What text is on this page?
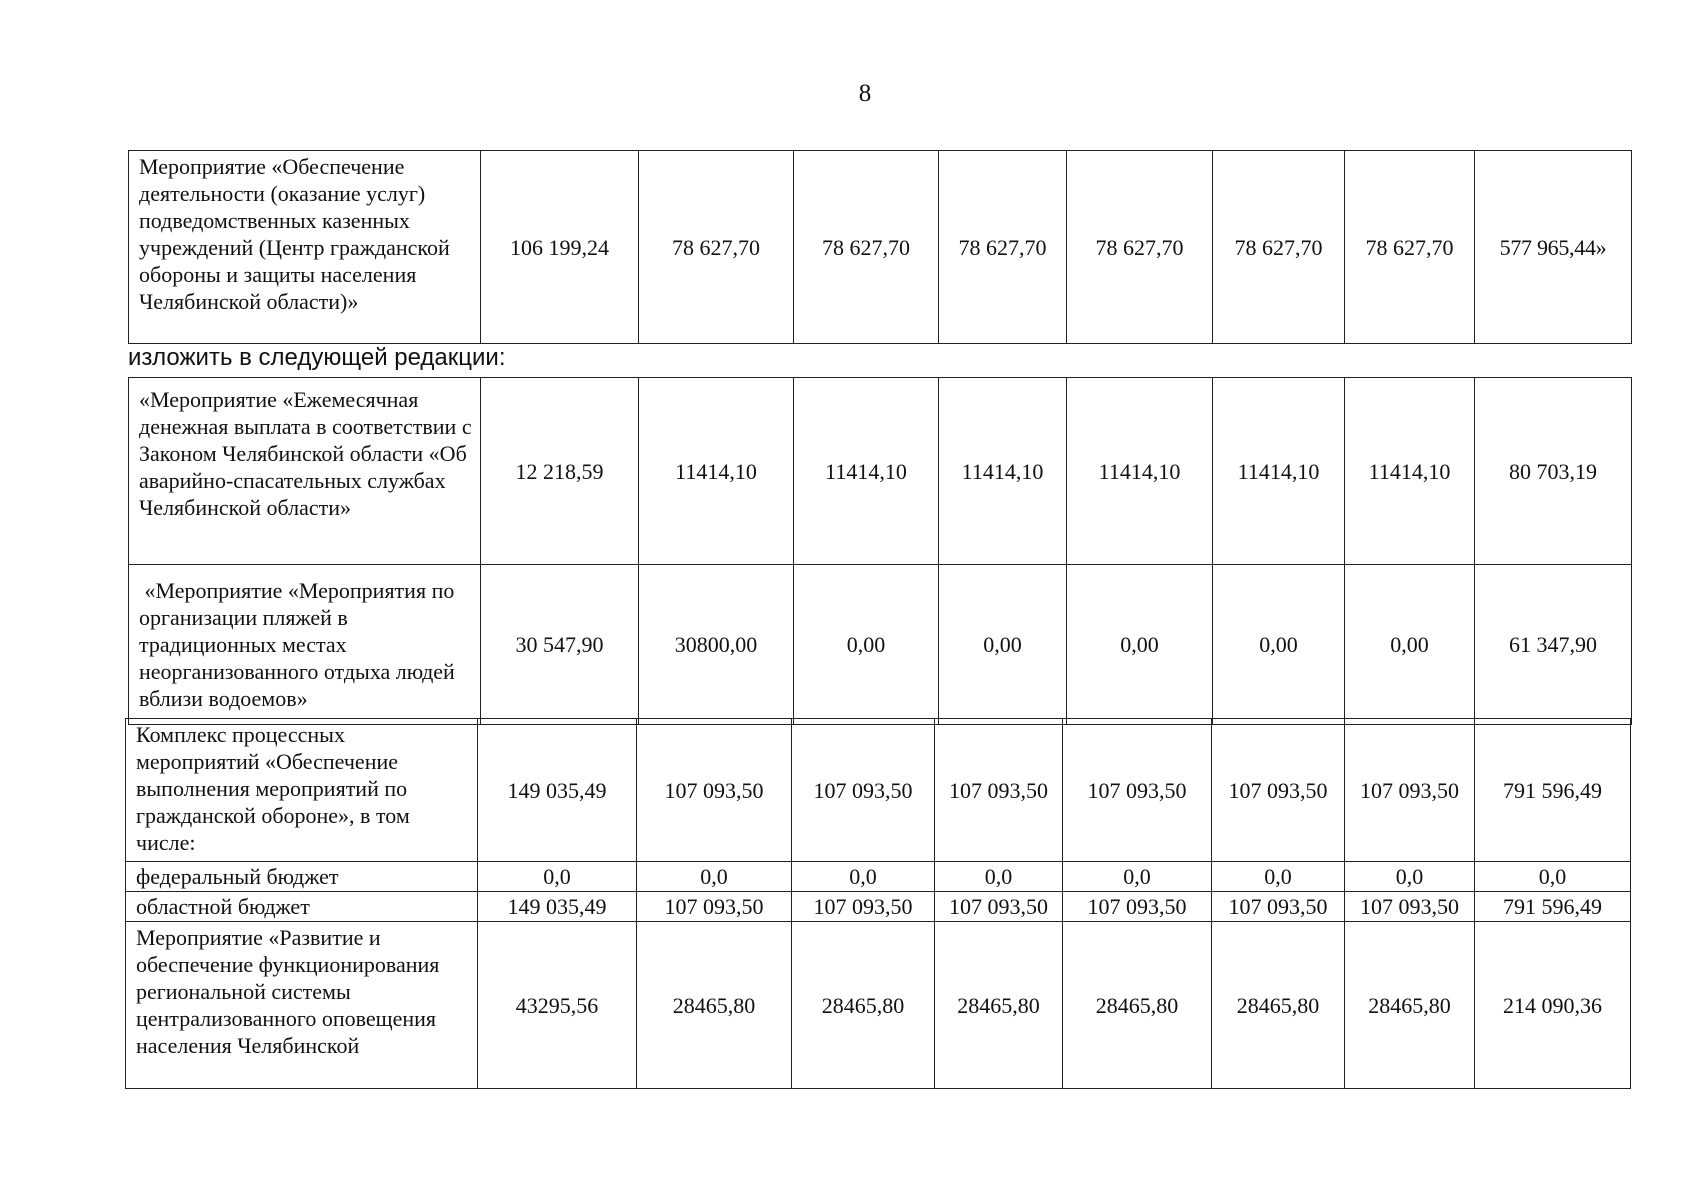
8
Мероприятие «Обеспечение деятельности (оказание услуг) подведомственных казенных учреждений (Центр гражданской обороны и защиты населения Челябинской области)»	106 199,24	78 627,70	78 627,70	78 627,70	78 627,70	78 627,70	78 627,70	577 965,44»
изложить в следующей редакции:
«Мероприятие «Ежемесячная денежная выплата в соответствии с Законом Челябинской области «Об аварийно-спасательных службах Челябинской области»	12 218,59	11414,10	11414,10	11414,10	11414,10	11414,10	11414,10	80 703,19
«Мероприятие «Мероприятия по организации пляжей в традиционных местах неорганизованного отдыха людей вблизи водоемов»	30 547,90	30800,00	0,00	0,00	0,00	0,00	0,00	61 347,90
Комплекс процессных мероприятий «Обеспечение выполнения мероприятий по гражданской обороне», в том числе:	149 035,49	107 093,50	107 093,50	107 093,50	107 093,50	107 093,50	107 093,50	791 596,49
федеральный бюджет	0,0	0,0	0,0	0,0	0,0	0,0	0,0	0,0
областной бюджет	149 035,49	107 093,50	107 093,50	107 093,50	107 093,50	107 093,50	107 093,50	791 596,49
Мероприятие «Развитие и обеспечение функционирования региональной системы централизованного оповещения населения Челябинской	43295,56	28465,80	28465,80	28465,80	28465,80	28465,80	28465,80	214 090,36
